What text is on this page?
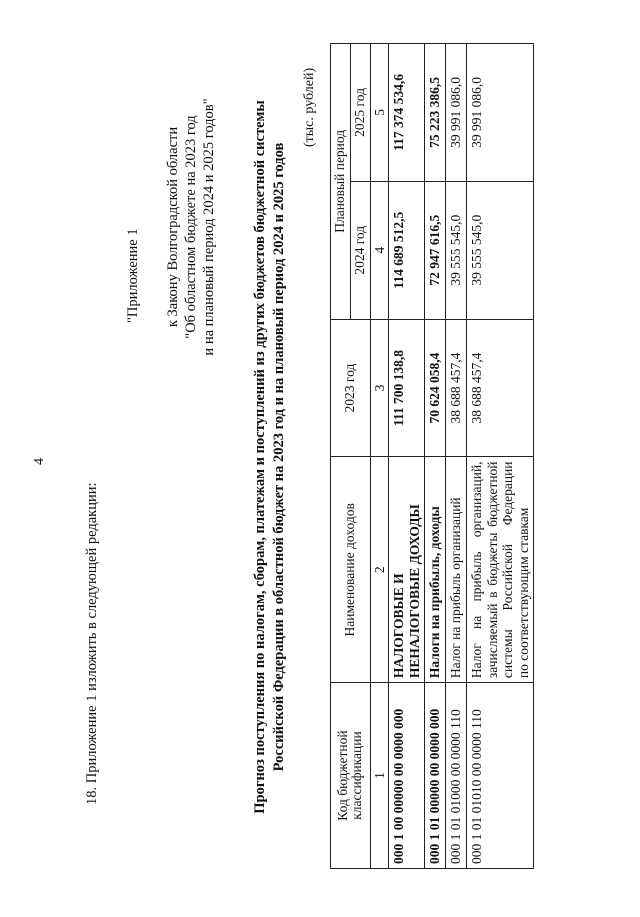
4
18. Приложение 1 изложить в следующей редакции:
"Приложение 1 к Закону Волгоградской области "Об областном бюджете на 2023 год и на плановый период 2024 и 2025 годов" Прогноз поступления по налогам, сборам, платежам и поступлений из других бюджетов бюджетной системы Российской Федерации в областной бюджет на 2023 год и на плановый период 2024 и 2025 годов
(тыс. рублей)
Код бюджетной классификации	Наименование доходов	2023 год	Плановый период	
			2024 год	2025 год
1	2	3	4	5
000 1 00 00000 00 0000 000	НАЛОГОВЫЕ И НЕНАЛОГОВЫЕ ДОХОДЫ	111 700 138,8	114 689 512,5	117 374 534,6
000 1 01 00000 00 0000 000	Налоги на прибыль, доходы	70 624 058,4	72 947 616,5	75 223 386,5
000 1 01 01000 00 0000 110	Налог на прибыль организаций	38 688 457,4	39 555 545,0	39 991 086,0
000 1 01 01010 00 0000 110	Налог на прибыль организаций, зачисляемый в бюджеты бюджетной системы Российской Федерации по соответствующим ставкам	38 688 457,4	39 555 545,0	39 991 086,0
